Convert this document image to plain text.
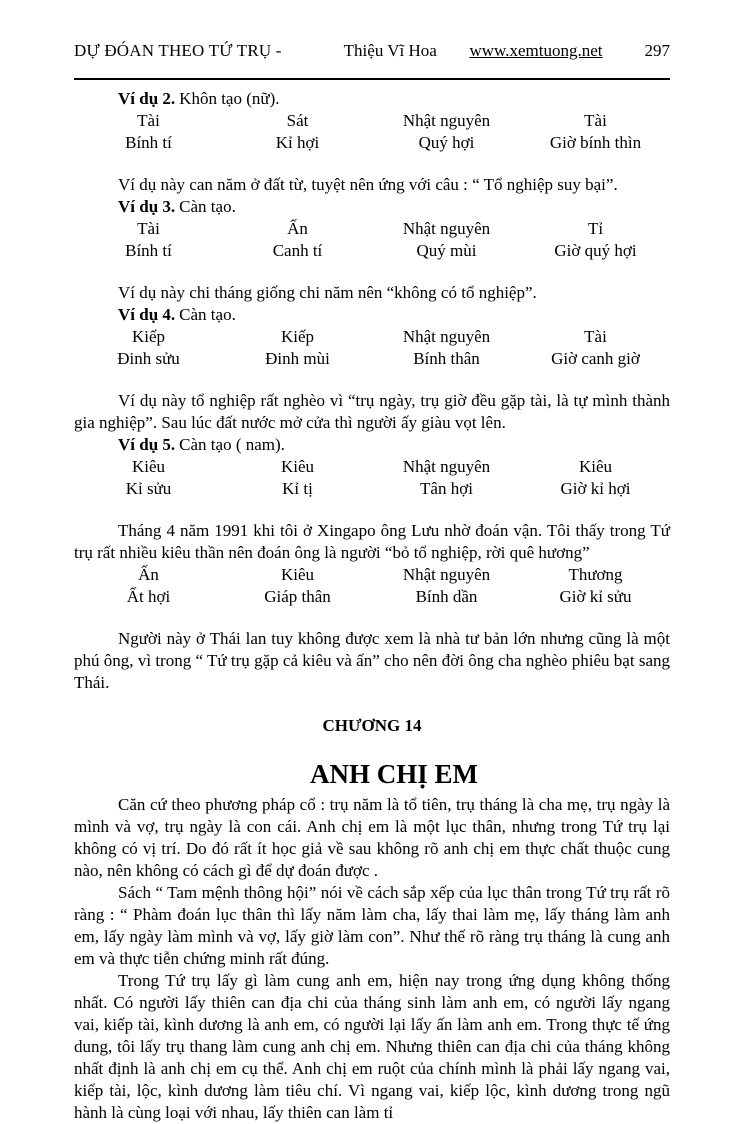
DỰ ĐÓAN THEO TỨ TRỤ -	Thiệu Vĩ Hoa www.xemtuong.net 297

Ví dụ 2. Khôn tạo (nữ).

Tài	Sát	Nhật nguyên	Tài
Bính tí	Kỉ hợi	Quý hợi	Giờ bính thìn

Ví dụ này can năm ở đất từ, tuyệt nên ứng với câu : “ Tổ nghiệp suy bại”.

Ví dụ 3. Càn tạo.

Tài	Ấn	Nhật nguyên	Tỉ
Bính tí	Canh tí	Quý mùi	Giờ quý hợi

Ví dụ này chi tháng giống chi năm nên “không có tổ nghiệp”.

Ví dụ 4. Càn tạo.

Kiếp	Kiếp	Nhật nguyên	Tài
Đinh sửu	Đinh mùi	Bính thân	Giờ canh giờ

Ví dụ này tổ nghiệp rất nghèo vì “trụ ngày, trụ giờ đều gặp tài, là tự mình thành gia nghiệp”. Sau lúc đất nước mở cửa thì người ấy giàu vọt lên.

Ví dụ 5. Càn tạo ( nam).

Kiêu	Kiêu	Nhật nguyên	Kiêu
Kỉ sửu	Kỉ tị	Tân hợi	Giờ kỉ hợi

Tháng 4 năm 1991 khi tôi ở Xingapo ông Lưu nhờ đoán vận. Tôi thấy trong Tứ trụ rất nhiều kiêu thần nên đoán ông là người “bỏ tổ nghiệp, rời quê hương”

Ấn	Kiêu	Nhật nguyên	Thương
Ất hợi	Giáp thân	Bính dần	Giờ kỉ sửu

Người này ở Thái lan tuy không được xem là nhà tư bản lớn nhưng cũng là một phú ông, vì trong “ Tứ trụ gặp cả kiêu và ấn” cho nên đời ông cha nghèo phiêu bạt sang Thái.

CHƯƠNG 14

ANH CHỊ EM

Căn cứ theo phương pháp cổ : trụ năm là tổ tiên, trụ tháng là cha mẹ, trụ ngày là mình và vợ, trụ ngày là con cái. Anh chị em là một lục thân, nhưng trong Tứ trụ lại không có vị trí. Do đó rất ít học giả về sau không rõ anh chị em thực chất thuộc cung nào, nên không có cách gì để dự đoán được .

Sách “ Tam mệnh thông hội” nói về cách sắp xếp của lục thân trong Tứ trụ rất rõ ràng : “ Phàm đoán lục thân thì lấy năm làm cha, lấy thai làm mẹ, lấy tháng làm anh em, lấy ngày làm mình và vợ, lấy giờ làm con”. Như thế rõ ràng trụ tháng là cung anh em và thực tiễn chứng minh rất đúng.

Trong Tứ trụ lấy gì làm cung anh em, hiện nay trong ứng dụng không thống nhất. Có người lấy thiên can địa chi của tháng sinh làm anh em, có người lấy ngang vai, kiếp tài, kình dương là anh em, có người lại lấy ấn làm anh em. Trong thực tế ứng dung, tôi lấy trụ thang làm cung anh chị em. Nhưng thiên can địa chi của tháng không nhất định là anh chị em cụ thể. Anh chị em ruột của chính mình là phải lấy ngang vai, kiếp tài, lộc, kình dương làm tiêu chí. Vì ngang vai, kiếp lộc, kình dương trong ngũ hành là cùng loại với nhau, lấy thiên can làm tỉ
